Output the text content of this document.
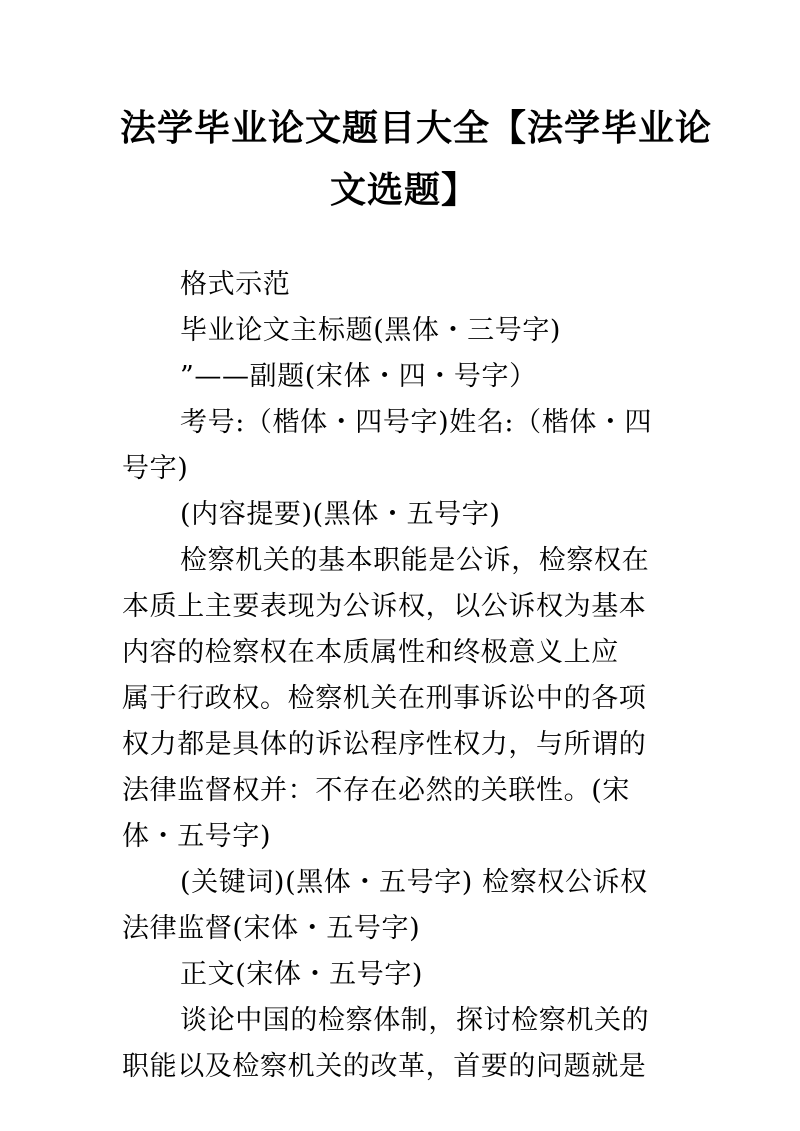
法学毕业论文题目大全【法学毕业论
文选题】
格式示范
毕业论文主标题(黑体・三号字)
”——副题(宋体・四・号字）
考号:（楷体・四号字)姓名:（楷体・四
号字)
(内容提要)(黑体・五号字)
检察机关的基本职能是公诉，检察权在
本质上主要表现为公诉权，以公诉权为基本
内容的检察权在本质属性和终极意义上应
属于行政权。检察机关在刑事诉讼中的各项
权力都是具体的诉讼程序性权力，与所谓的
法律监督权并：不存在必然的关联性。(宋
体・五号字)
(关键词)(黑体・五号字) 检察权公诉权
法律监督(宋体・五号字)
正文(宋体・五号字)
谈论中国的检察体制，探讨检察机关的
职能以及检察机关的改革，首要的问题就是
